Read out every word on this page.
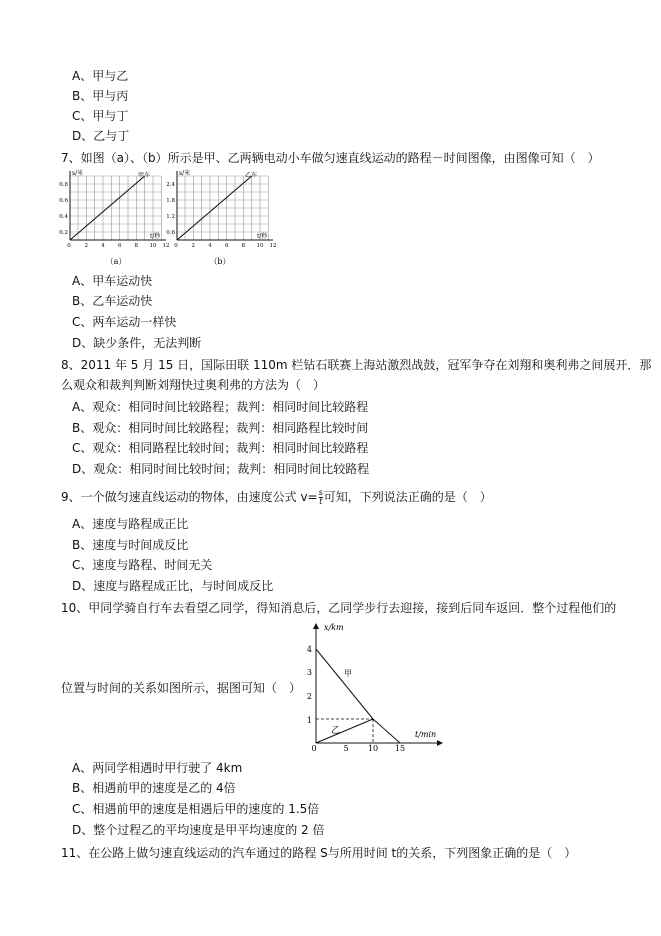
A、甲与乙
B、甲与丙
C、甲与丁
D、乙与丁
7、如图（a）、（b）所示是甲、乙两辆电动小车做匀速直线运动的路程－时间图像，由图像可知（　）
s/米
t/秒
甲车
0.8
0.6
0.4
0.2
0	2 4 6 8 10 12
（a）
s/米
t/秒
乙车
2.4
1.8
1.2
0.6
0	2 4 6 8 10 12
（b）
A、甲车运动快
B、乙车运动快
C、两车运动一样快
D、缺少条件，无法判断
8、2011 年 5 月 15 日，国际田联 110m 栏钻石联赛上海站激烈战鼓，冠军争夺在刘翔和奥利弗之间展开．那
么观众和裁判判断刘翔快过奥利弗的方法为（　）
A、观众：相同时间比较路程；裁判：相同时间比较路程
B、观众：相同时间比较路程；裁判：相同路程比较时间
C、观众：相同路程比较时间；裁判：相同时间比较路程
D、观众：相同时间比较时间；裁判：相同时间比较路程
9、一个做匀速直线运动的物体，由速度公式 $v= \frac{s}{t}$ 可知，下列说法正确的是（　）
A、速度与路程成正比
B、速度与时间成反比
C、速度与路程、时间无关
D、速度与路程成正比，与时间成反比
10、甲同学骑自行车去看望乙同学，得知消息后，乙同学步行去迎接，接到后同车返回．整个过程他们的
x/km
t/min
4
3
2
1
0	5 10 15
甲
乙
位置与时间的关系如图所示，据图可知（　）
A、两同学相遇时甲行驶了 4km
B、相遇前甲的速度是乙的 4倍
C、相遇前甲的速度是相遇后甲的速度的 1.5倍
D、整个过程乙的平均速度是甲平均速度的 2 倍
11、在公路上做匀速直线运动的汽车通过的路程 S与所用时间 t的关系，下列图象正确的是（　）
